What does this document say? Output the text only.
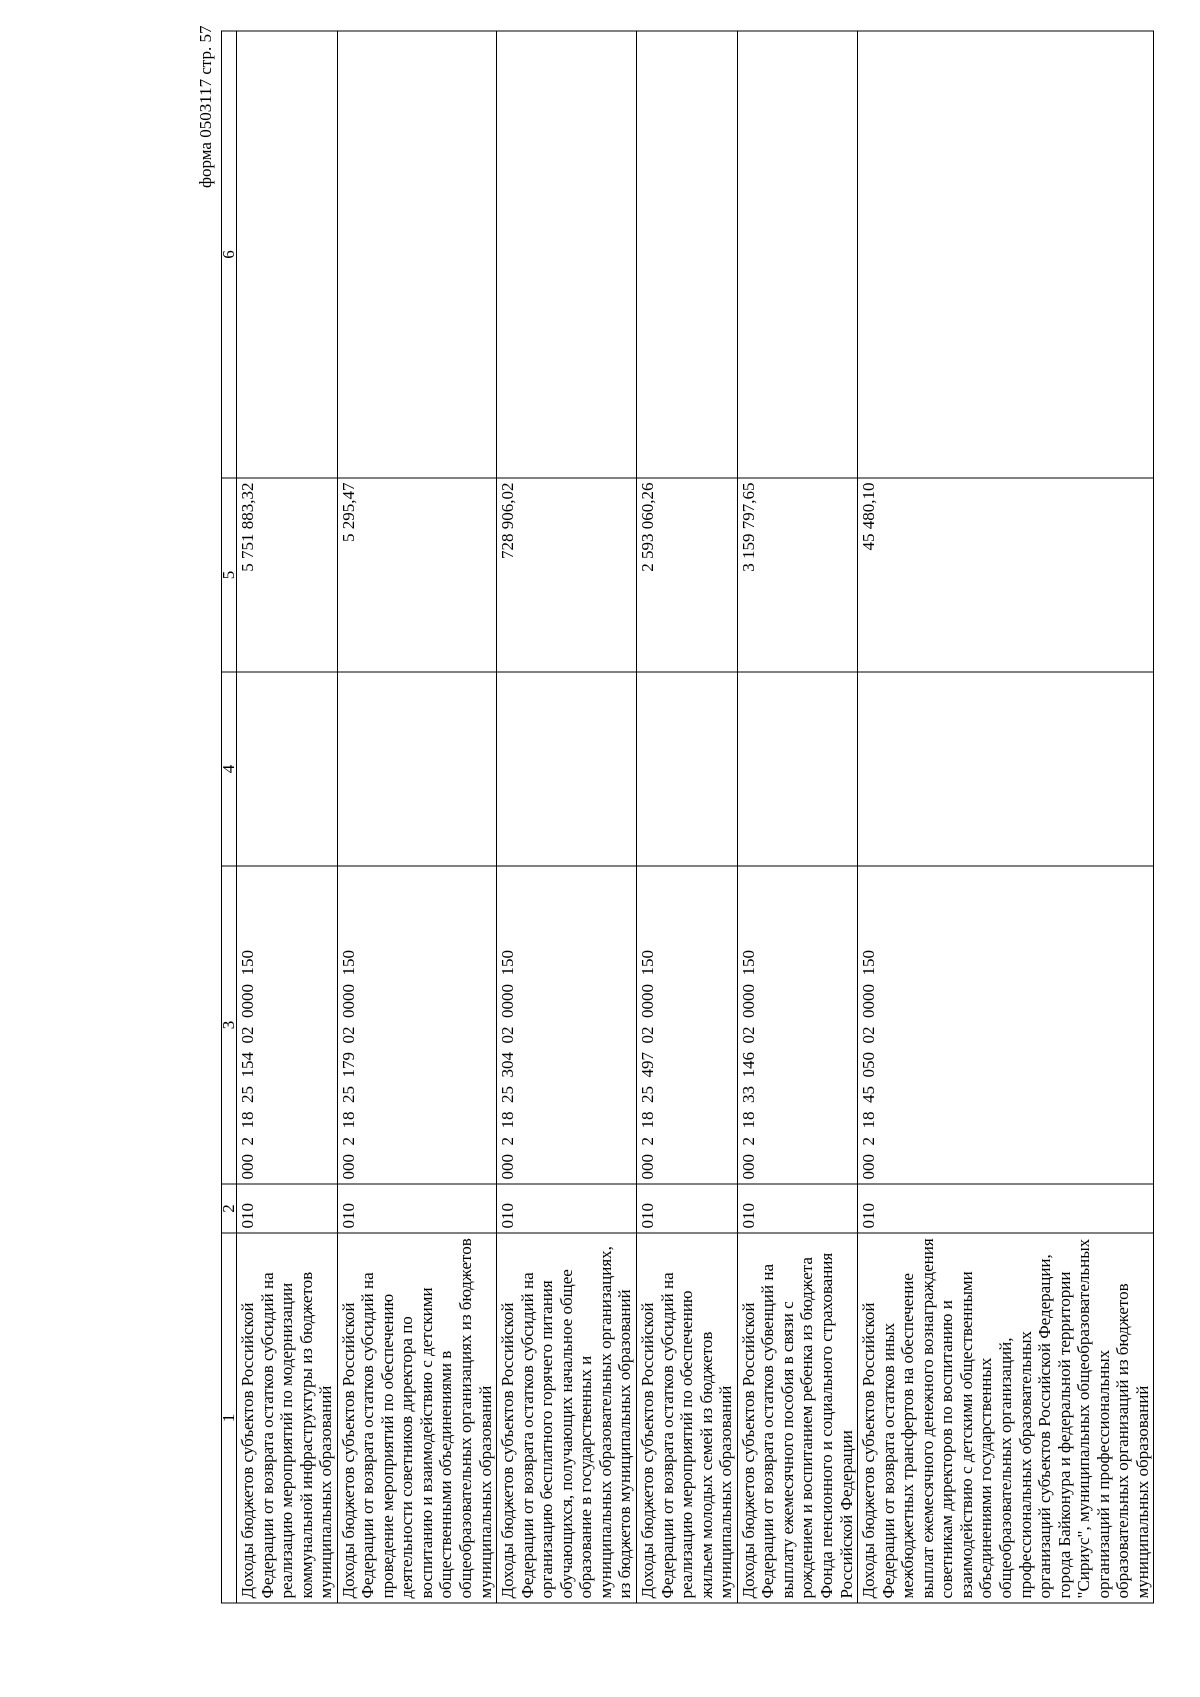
форма 0503117 стр. 57
1	2	3	4	5	6
Доходы бюджетов субъектов Российской Федерации от возврата остатков субсидий на реализацию мероприятий по модернизации коммунальной инфраструктуры из бюджетов муниципальных образований	010	000  2  18  25  154  02  0000  150		5 751 883,32	
Доходы бюджетов субъектов Российской Федерации от возврата остатков субсидий на проведение мероприятий по обеспечению деятельности советников директора по воспитанию и взаимодействию с детскими общественными объединениями в общеобразовательных организациях из бюджетов муниципальных образований	010	000  2  18  25  179  02  0000  150		5 295,47	
Доходы бюджетов субъектов Российской Федерации от возврата остатков субсидий на организацию бесплатного горячего питания обучающихся, получающих начальное общее образование в государственных и муниципальных образовательных организациях, из бюджетов муниципальных образований	010	000  2  18  25  304  02  0000  150		728 906,02	
Доходы бюджетов субъектов Российской Федерации от возврата остатков субсидий на реализацию мероприятий по обеспечению жильем молодых семей из бюджетов муниципальных образований	010	000  2  18  25  497  02  0000  150		2 593 060,26	
Доходы бюджетов субъектов Российской Федерации от возврата остатков субвенций на выплату ежемесячного пособия в связи с рождением и воспитанием ребенка из бюджета Фонда пенсионного и социального страхования Российской Федерации	010	000  2  18  33  146  02  0000  150		3 159 797,65	
Доходы бюджетов субъектов Российской Федерации от возврата остатков иных межбюджетных трансфертов на обеспечение выплат ежемесячного денежного вознаграждения советникам директоров по воспитанию и взаимодействию с детскими общественными объединениями государственных общеобразовательных организаций, профессиональных образовательных организаций субъектов Российской Федерации, города Байконура и федеральной территории "Сириус", муниципальных общеобразовательных организаций и профессиональных образовательных организаций из бюджетов муниципальных образований	010	000  2  18  45  050  02  0000  150		45 480,10	
